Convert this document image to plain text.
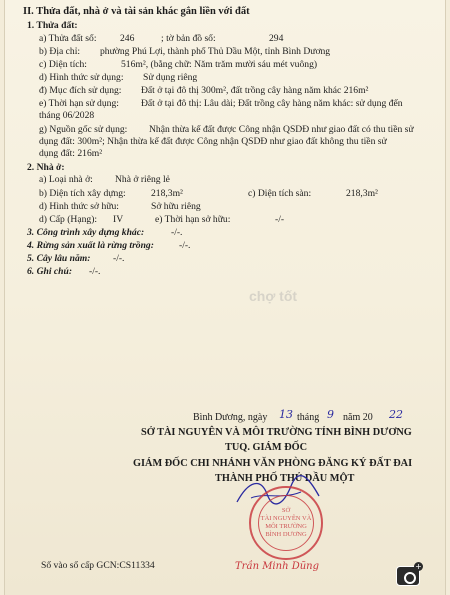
II. Thửa đất, nhà ở và tài sản khác gắn liền với đất
1. Thửa đất:
a) Thửa đất số: 246	; tờ bản đồ số:	294
b) Địa chỉ: phường Phú Lợi, thành phố Thủ Dầu Một, tỉnh Bình Dương
c) Diện tích:	516m², (bằng chữ: Năm trăm mười sáu mét vuông)
d) Hình thức sử dụng: Sử dụng riêng
đ) Mục đích sử dụng: Đất ở tại đô thị 300m², đất trồng cây hàng năm khác 216m²
e) Thời hạn sử dụng: Đất ở tại đô thị: Lâu dài; Đất trồng cây hàng năm khác: sử dụng đến
tháng 06/2028
g) Nguồn gốc sử dụng: Nhận thừa kế đất được Công nhận QSDĐ như giao đất có thu tiền sử
dụng đất: 300m²; Nhận thừa kế đất được Công nhận QSDĐ như giao đất không thu tiền sử
dụng đất: 216m²
2. Nhà ở:
a) Loại nhà ở: Nhà ở riêng lẻ
b) Diện tích xây dựng:	218,3m²	c) Diện tích sàn:	218,3m²
d) Hình thức sở hữu:	Sở hữu riêng
d) Cấp (Hạng): IV	e) Thời hạn sở hữu:	-/-
3. Công trình xây dựng khác:	-/-.
4. Rừng sản xuất là rừng trồng:	-/-.
5. Cây lâu năm: -/-.
6. Ghi chú: -/-.
chợ tốt
Bình Dương, ngày 13 tháng 9 năm 20 22
SỞ TÀI NGUYÊN VÀ MÔI TRƯỜNG TỈNH BÌNH DƯƠNG
TUQ. GIÁM ĐỐC
GIÁM ĐỐC CHI NHÁNH VĂN PHÒNG ĐĂNG KÝ ĐẤT ĐAI
THÀNH PHỐ THỦ DẦU MỘT
SỞ
TÀI NGUYÊN VÀ
MÔI TRƯỜNG
BÌNH DƯƠNG
Trần Minh Dũng
Số vào sổ cấp GCN:CS11334	+
